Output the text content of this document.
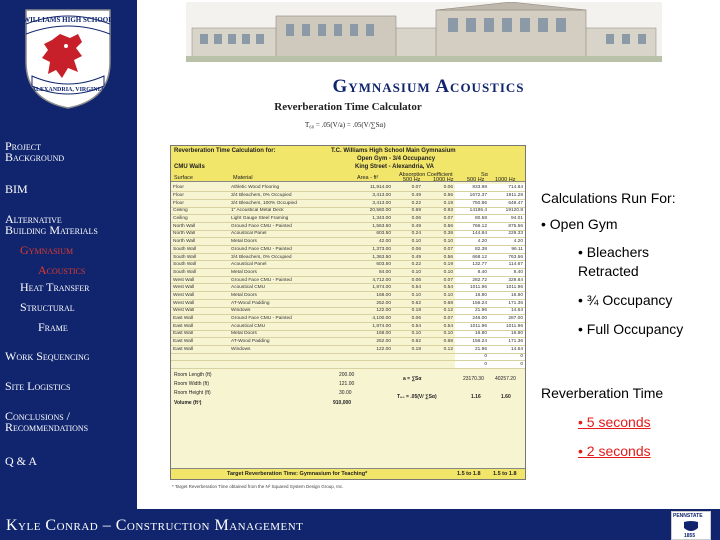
WILLIAMS HIGH SCHOOL
ALEXANDRIA, VIRGINIA
Project
Background
BIM
Alternative
Building Materials
Gymnasium
Acoustics
Heat Transfer
Structural
Frame
Work Sequencing
Site Logistics
Conclusions /
Recommendations
Q & A
Gymnasium Acoustics
Reverberation Time Calculator
T₆₀ = .05(V/a) = .05(V/∑Sα)
Reverberation Time Calculation for:	T.C. Williams High School Main Gymnasium
Open Gym - 3/4 Occupancy
King Street - Alexandria, VA
CMU Walls
Absorption Coefficient	Sα
Surface	Material	Area - ft²	500 Hz 1000 Hz 500 Hz 1000 Hz
Floor	Athletic Wood Flooring	11,914.00	0.07	0.06	833.98	714.84
Floor	3/4 Bleachers, 0% Occupied	3,413.00	0.49	0.56	1672.37	1911.28
Floor	3/4 Bleachers, 100% Occupied	3,413.00	0.22	0.19	750.86	648.47
Ceiling	1" Acoustical Metal Deck	20,560.00	0.69	0.93	14186.4	19120.8
Ceiling	Light Gauge Steel Framing	1,343.00	0.06	0.07	80.58	94.01
North Wall	Ground Face CMU - Painted	1,563.50	0.49	0.56	766.12	875.56
North Wall	Acoustical Panel	603.50	0.24	0.38	144.84	229.33
North Wall	Metal Doors	42.00	0.10	0.10	4.20	4.20
South Wall	Ground Face CMU - Painted	1,373.00	0.06	0.07	82.38	96.11
South Wall	3/4 Bleachers, 0% Occupied	1,363.50	0.49	0.56	668.12	763.56
South Wall	Acoustical Panel	603.50	0.22	0.19	132.77	114.67
South Wall	Metal Doors	84.00	0.10	0.10	8.40	8.40
West Wall	Ground Face CMU - Painted	4,712.00	0.06	0.07	282.72	329.84
West Wall	Acoustical CMU	1,874.00	0.54	0.54	1011.96	1011.96
West Wall	Metal Doors	168.00	0.10	0.10	16.80	16.80
West Wall	AT-Wood Padding	252.00	0.62	0.68	156.24	171.36
West Wall	Windows	122.00	0.18	0.12	21.96	14.64
East Wall	Ground Face CMU - Painted	4,100.00	0.06	0.07	246.00	287.00
East Wall	Acoustical CMU	1,874.00	0.54	0.54	1011.96	1011.96
East Wall	Metal Doors	168.00	0.10	0.10	16.80	16.80
East Wall	AT-Wood Padding	252.00	0.62	0.68	156.24	171.36
East Wall	Windows	122.00	0.18	0.12	21.96	14.64
					0	0
					0	0
Room Length (ft)	200.00
Room Width (ft)	121.00
Room Height (ft)	30.00
Volume (ft³)	910,000
a = ∑Sα	23170.30 40257.20
T₆₀ = .05(V/ ∑Sα)	1.16	1.60
Target Reverberation Time: Gymnasium for Teaching*	1.5 to 1.8 1.5 to 1.8
* Target Reverberation Time obtained from the N² Squared System Design Group, Inc.
Calculations Run For:
• Open Gym
• Bleachers
Retracted
• ¾ Occupancy
• Full Occupancy
Reverberation Time
• 5 seconds
• 2 seconds
Kyle Conrad – Construction Management
PENNSTATE
1855
